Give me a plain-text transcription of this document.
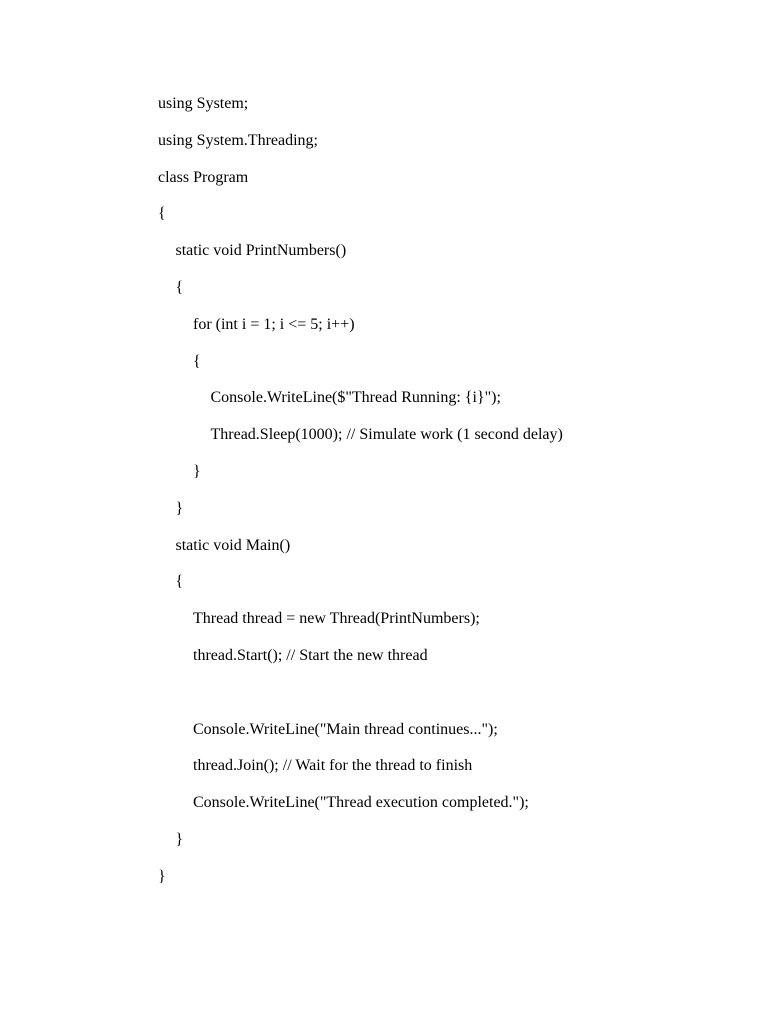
using System;
using System.Threading;
class Program
{
static void PrintNumbers()
{
for (int i = 1; i <= 5; i++)
{
Console.WriteLine($"Thread Running: {i}");
Thread.Sleep(1000); // Simulate work (1 second delay)
}
}
static void Main()
{
Thread thread = new Thread(PrintNumbers);
thread.Start(); // Start the new thread
Console.WriteLine("Main thread continues...");
thread.Join(); // Wait for the thread to finish
Console.WriteLine("Thread execution completed.");
}
}
